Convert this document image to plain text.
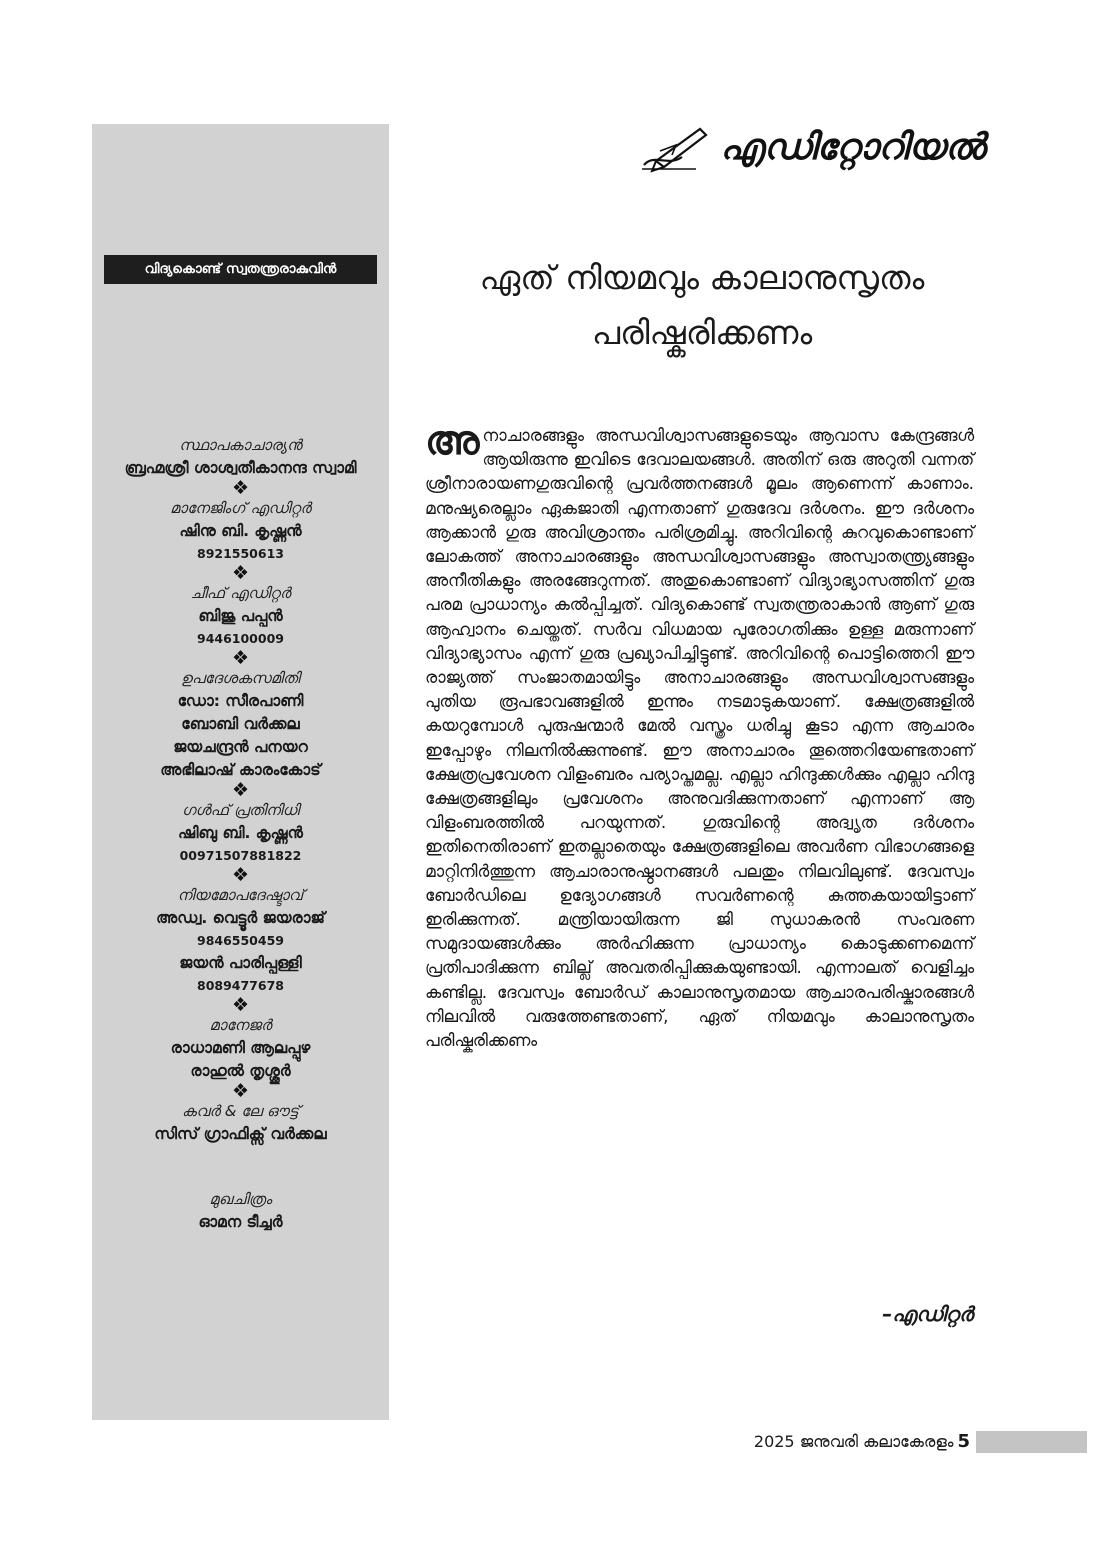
വിദ്യകൊണ്ട് സ്വതന്ത്രരാകുവിൻ
സ്ഥാപകാചാര്യൻ
ബ്രഹ്മശ്രീ ശാശ്വതീകാനന്ദ സ്വാമി
❖
മാനേജിംഗ് എഡിറ്റർ
ഷിനു ബി. കൃഷ്ണൻ
8921550613
❖
ചീഫ് എഡിറ്റർ
ബിജു പപ്പൻ
9446100009
❖
ഉപദേശകസമിതി
ഡോ: സീരപാണി
ബോബി വർക്കല
ജയചന്ദ്രൻ പനയറ
അഭിലാഷ് കാരംകോട്
❖
ഗൾഫ് പ്രതിനിധി
ഷിബു ബി. കൃഷ്ണൻ
00971507881822
❖
നിയമോപദേഷ്ടാവ്
അഡ്വ. വെട്ടൂർ ജയരാജ്
9846550459
ജയൻ പാരിപ്പള്ളി
8089477678
❖
മാനേജർ
രാധാമണി ആലപ്പുഴ
രാഹുൽ തൃശ്ശൂർ
❖
കവർ & ലേ ഔട്ട്
സിസ് ഗ്രാഫിക്സ് വർക്കല
മുഖചിത്രം
ഓമന ടീച്ചർ
എഡിറ്റോറിയൽ
ഏത് നിയമവും കാലാനുസൃതം
പരിഷ്കരിക്കണം

അനാചാരങ്ങളും അന്ധവിശ്വാസങ്ങളുടെയും ആവാസ കേന്ദ്രങ്ങൾ ആയിരുന്നു ഇവിടെ ദേവാലയങ്ങൾ. അതിന് ഒരു അറുതി വന്നത് ശ്രീനാരായണഗുരുവിന്റെ പ്രവർത്തനങ്ങൾ മൂലം ആണെന്ന് കാണാം. മനുഷ്യരെല്ലാം ഏകജാതി എന്നതാണ് ഗുരുദേവ ദർശനം. ഈ ദർശനം ആക്കാൻ ഗുരു അവിശ്രാന്തം പരിശ്രമിച്ചു. അറിവിന്റെ കുറവുകൊണ്ടാണ് ലോകത്ത് അനാചാരങ്ങളും അന്ധവിശ്വാസങ്ങളും അസ്വാതന്ത്ര്യങ്ങളും അനീതികളും അരങ്ങേറുന്നത്. അതുകൊണ്ടാണ് വിദ്യാഭ്യാസത്തിന് ഗുരു പരമ പ്രാധാന്യം കൽപ്പിച്ചത്. വിദ്യകൊണ്ട് സ്വതന്ത്രരാകാൻ ആണ് ഗുരു ആഹ്വാനം ചെയ്തത്. സർവ വിധമായ പുരോഗതിക്കും ഉള്ള മരുന്നാണ് വിദ്യാഭ്യാസം എന്ന് ഗുരു പ്രഖ്യാപിച്ചിട്ടുണ്ട്. അറിവിന്റെ പൊട്ടിത്തെറി ഈ രാജ്യത്ത് സംജാതമായിട്ടും അനാചാരങ്ങളും അന്ധവിശ്വാസങ്ങളും പുതിയ രൂപഭാവങ്ങളിൽ ഇന്നും നടമാടുകയാണ്. ക്ഷേത്രങ്ങളിൽ കയറുമ്പോൾ പുരുഷന്മാർ മേൽ വസ്ത്രം ധരിച്ചു കൂടാ എന്ന ആചാരം ഇപ്പോഴും നിലനിൽക്കുന്നുണ്ട്. ഈ അനാചാരം തൂത്തെറിയേണ്ടതാണ് ക്ഷേത്രപ്രവേശന വിളംബരം പര്യാപ്തമല്ല. എല്ലാ ഹിന്ദുക്കൾക്കും എല്ലാ ഹിന്ദു ക്ഷേത്രങ്ങളിലും പ്രവേശനം അനുവദിക്കുന്നതാണ് എന്നാണ് ആ വിളംബരത്തിൽ പറയുന്നത്. ഗുരുവിന്റെ അദ്വൃത ദർശനം ഇതിനെതിരാണ് ഇതല്ലാതെയും ക്ഷേത്രങ്ങളിലെ അവർണ വിഭാഗങ്ങളെ മാറ്റിനിർത്തുന്ന ആചാരാനുഷ്ഠാനങ്ങൾ പലതും നിലവിലുണ്ട്. ദേവസ്വം ബോർഡിലെ ഉദ്യോഗങ്ങൾ സവർണന്റെ കുത്തകയായിട്ടാണ് ഇരിക്കുന്നത്. മന്ത്രിയായിരുന്ന ജി സുധാകരൻ സംവരണ സമുദായങ്ങൾക്കും അർഹിക്കുന്ന പ്രാധാന്യം കൊടുക്കണമെന്ന് പ്രതിപാദിക്കുന്ന ബില്ല് അവതരിപ്പിക്കുകയുണ്ടായി. എന്നാലത് വെളിച്ചം കണ്ടില്ല. ദേവസ്വം ബോർഡ് കാലാനുസൃതമായ ആചാരപരിഷ്കാരങ്ങൾ നിലവിൽ വരുത്തേണ്ടതാണ്, ഏത് നിയമവും കാലാനുസൃതം പരിഷ്കരിക്കണം

–എഡിറ്റർ
2025 ജനുവരി കലാകേരളം 5
